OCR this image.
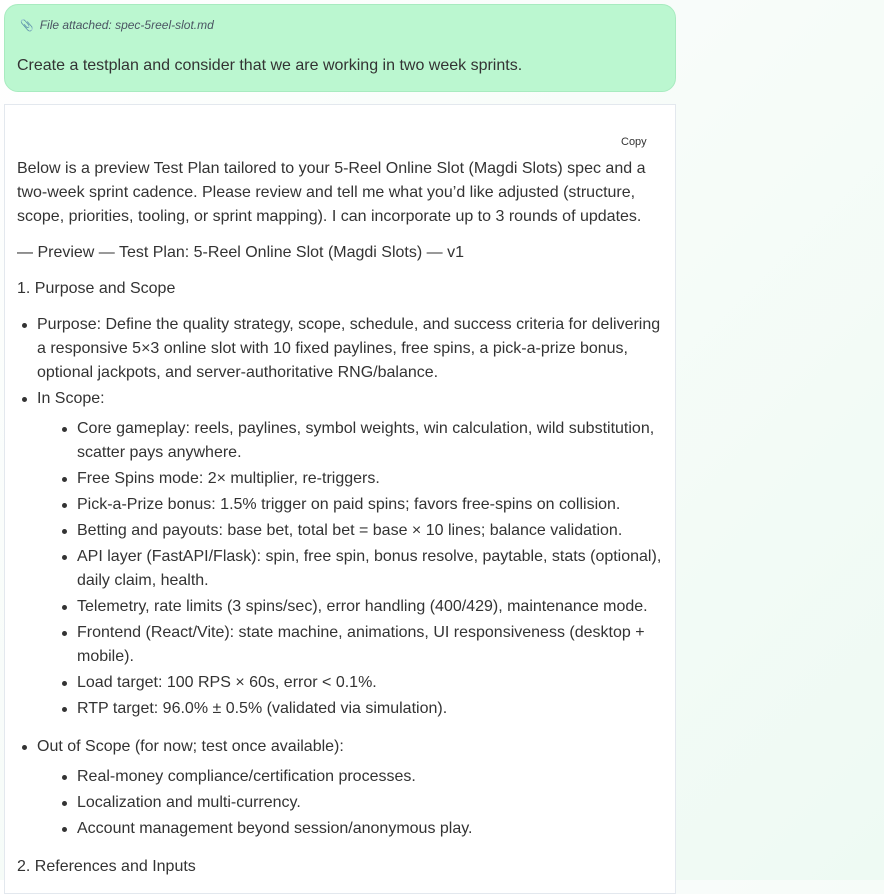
📎 File attached: spec-5reel-slot.md
Create a testplan and consider that we are working in two week sprints.
Copy

Below is a preview Test Plan tailored to your 5-Reel Online Slot (Magdi Slots) spec and a two-week sprint cadence. Please review and tell me what you’d like adjusted (structure, scope, priorities, tooling, or sprint mapping). I can incorporate up to 3 rounds of updates.

— Preview — Test Plan: 5-Reel Online Slot (Magdi Slots) — v1

1. Purpose and Scope

Purpose: Define the quality strategy, scope, schedule, and success criteria for delivering a responsive 5×3 online slot with 10 fixed paylines, free spins, a pick-a-prize bonus, optional jackpots, and server-authoritative RNG/balance.
In Scope:
Core gameplay: reels, paylines, symbol weights, win calculation, wild substitution, scatter pays anywhere.
Free Spins mode: 2× multiplier, re-triggers.
Pick-a-Prize bonus: 1.5% trigger on paid spins; favors free-spins on collision.
Betting and payouts: base bet, total bet = base × 10 lines; balance validation.
API layer (FastAPI/Flask): spin, free spin, bonus resolve, paytable, stats (optional), daily claim, health.
Telemetry, rate limits (3 spins/sec), error handling (400/429), maintenance mode.
Frontend (React/Vite): state machine, animations, UI responsiveness (desktop + mobile).
Load target: 100 RPS × 60s, error < 0.1%.
RTP target: 96.0% ± 0.5% (validated via simulation).
Out of Scope (for now; test once available):
Real-money compliance/certification processes.
Localization and multi-currency.
Account management beyond session/anonymous play.

2. References and Inputs
